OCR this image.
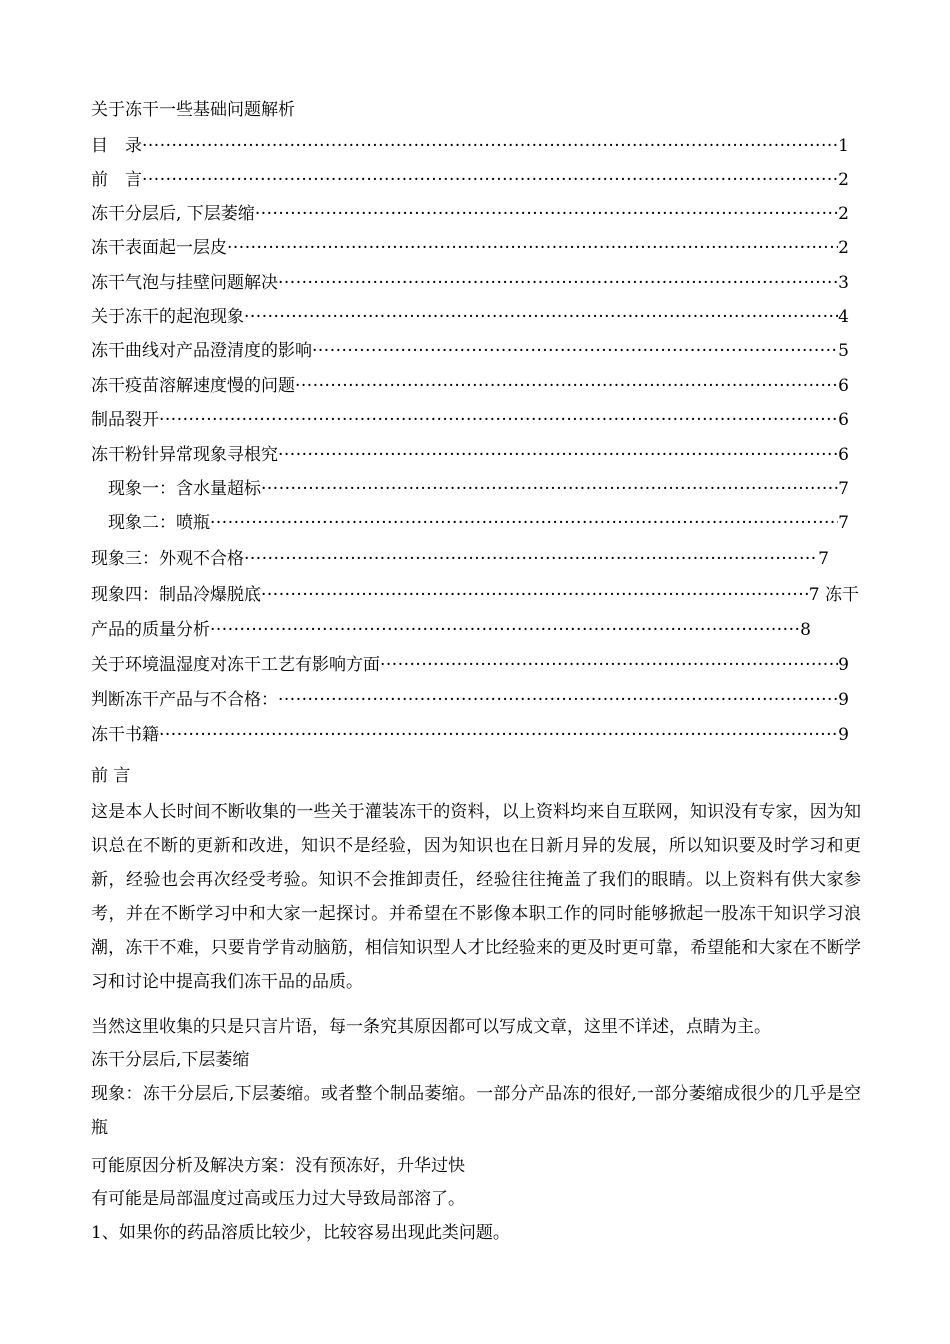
关于冻干一些基础问题解析
目　录 ·····	1
前　言 ·····	2
冻干分层后, 下层萎缩 ·····	2
冻干表面起一层皮 ·····	2
冻干气泡与挂壁问题解决 ·····	3
关于冻干的起泡现象 ·····	4
冻干曲线对产品澄清度的影响 ·····	5
冻干疫苗溶解速度慢的问题 ·····	6
制品裂开 ·····	6
冻干粉针异常现象寻根究 ·····	6
现象一：含水量超标 ·····	7
现象二：喷瓶 ·····	7
现象三：外观不合格 ·····	7
现象四：制品冷爆脱底 ·····	7 冻干
产品的质量分析 ·····	8
关于环境温湿度对冻干工艺有影响方面 ·····	9
判断冻干产品与不合格： ·····	9
冻干书籍 ·····	9
前 言
这是本人长时间不断收集的一些关于灌装冻干的资料，以上资料均来自互联网，知识没有专家，因为知识总在不断的更新和改进，知识不是经验，因为知识也在日新月异的发展，所以知识要及时学习和更新，经验也会再次经受考验。知识不会推卸责任，经验往往掩盖了我们的眼睛。以上资料有供大家参考，并在不断学习中和大家一起探讨。并希望在不影像本职工作的同时能够掀起一股冻干知识学习浪潮，冻干不难，只要肯学肯动脑筋，相信知识型人才比经验来的更及时更可靠，希望能和大家在不断学习和讨论中提高我们冻干品的品质。
当然这里收集的只是只言片语，每一条究其原因都可以写成文章，这里不详述，点睛为主。
冻干分层后,下层萎缩
现象：冻干分层后,下层萎缩。或者整个制品萎缩。一部分产品冻的很好,一部分萎缩成很少的几乎是空瓶
可能原因分析及解决方案：没有预冻好，升华过快
有可能是局部温度过高或压力过大导致局部溶了。
1、如果你的药品溶质比较少，比较容易出现此类问题。
